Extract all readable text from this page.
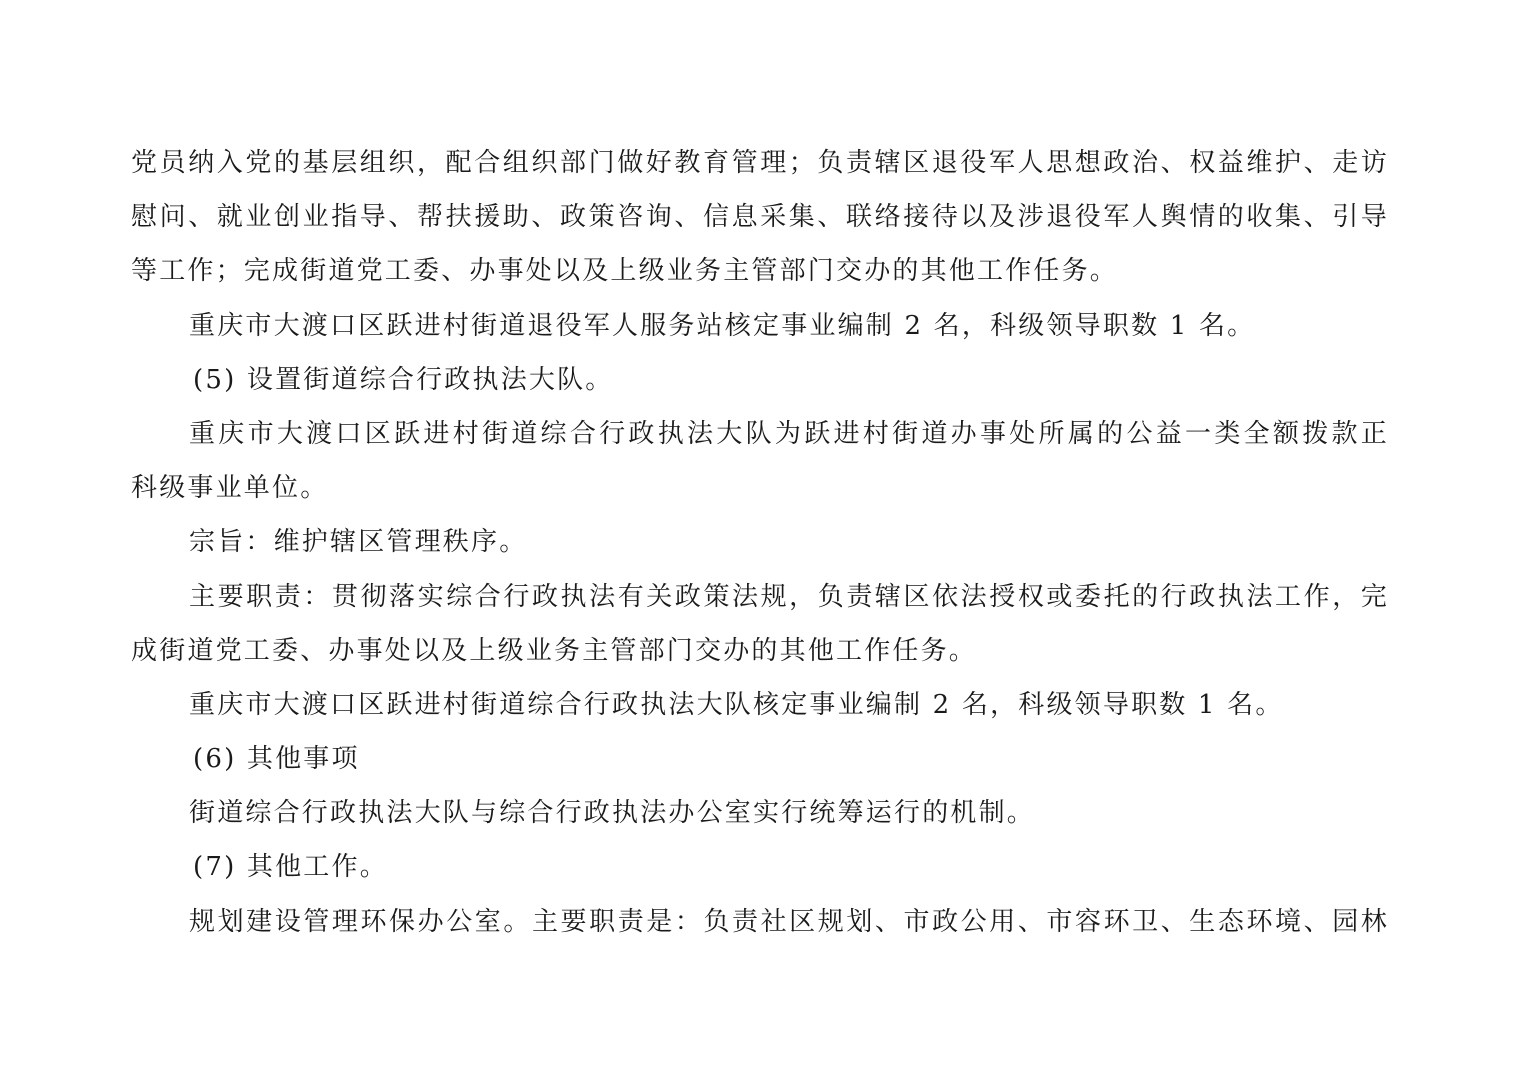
党员纳入党的基层组织，配合组织部门做好教育管理；负责辖区退役军人思想政治、权益维护、走访
慰问、就业创业指导、帮扶援助、政策咨询、信息采集、联络接待以及涉退役军人舆情的收集、引导
等工作；完成街道党工委、办事处以及上级业务主管部门交办的其他工作任务。
重庆市大渡口区跃进村街道退役军人服务站核定事业编制 2 名，科级领导职数 1 名。
(5) 设置街道综合行政执法大队。
重庆市大渡口区跃进村街道综合行政执法大队为跃进村街道办事处所属的公益一类全额拨款正
科级事业单位。
宗旨：维护辖区管理秩序。
主要职责：贯彻落实综合行政执法有关政策法规，负责辖区依法授权或委托的行政执法工作，完
成街道党工委、办事处以及上级业务主管部门交办的其他工作任务。
重庆市大渡口区跃进村街道综合行政执法大队核定事业编制 2 名，科级领导职数 1 名。
(6) 其他事项
街道综合行政执法大队与综合行政执法办公室实行统筹运行的机制。
(7) 其他工作。
规划建设管理环保办公室。主要职责是：负责社区规划、市政公用、市容环卫、生态环境、园林
